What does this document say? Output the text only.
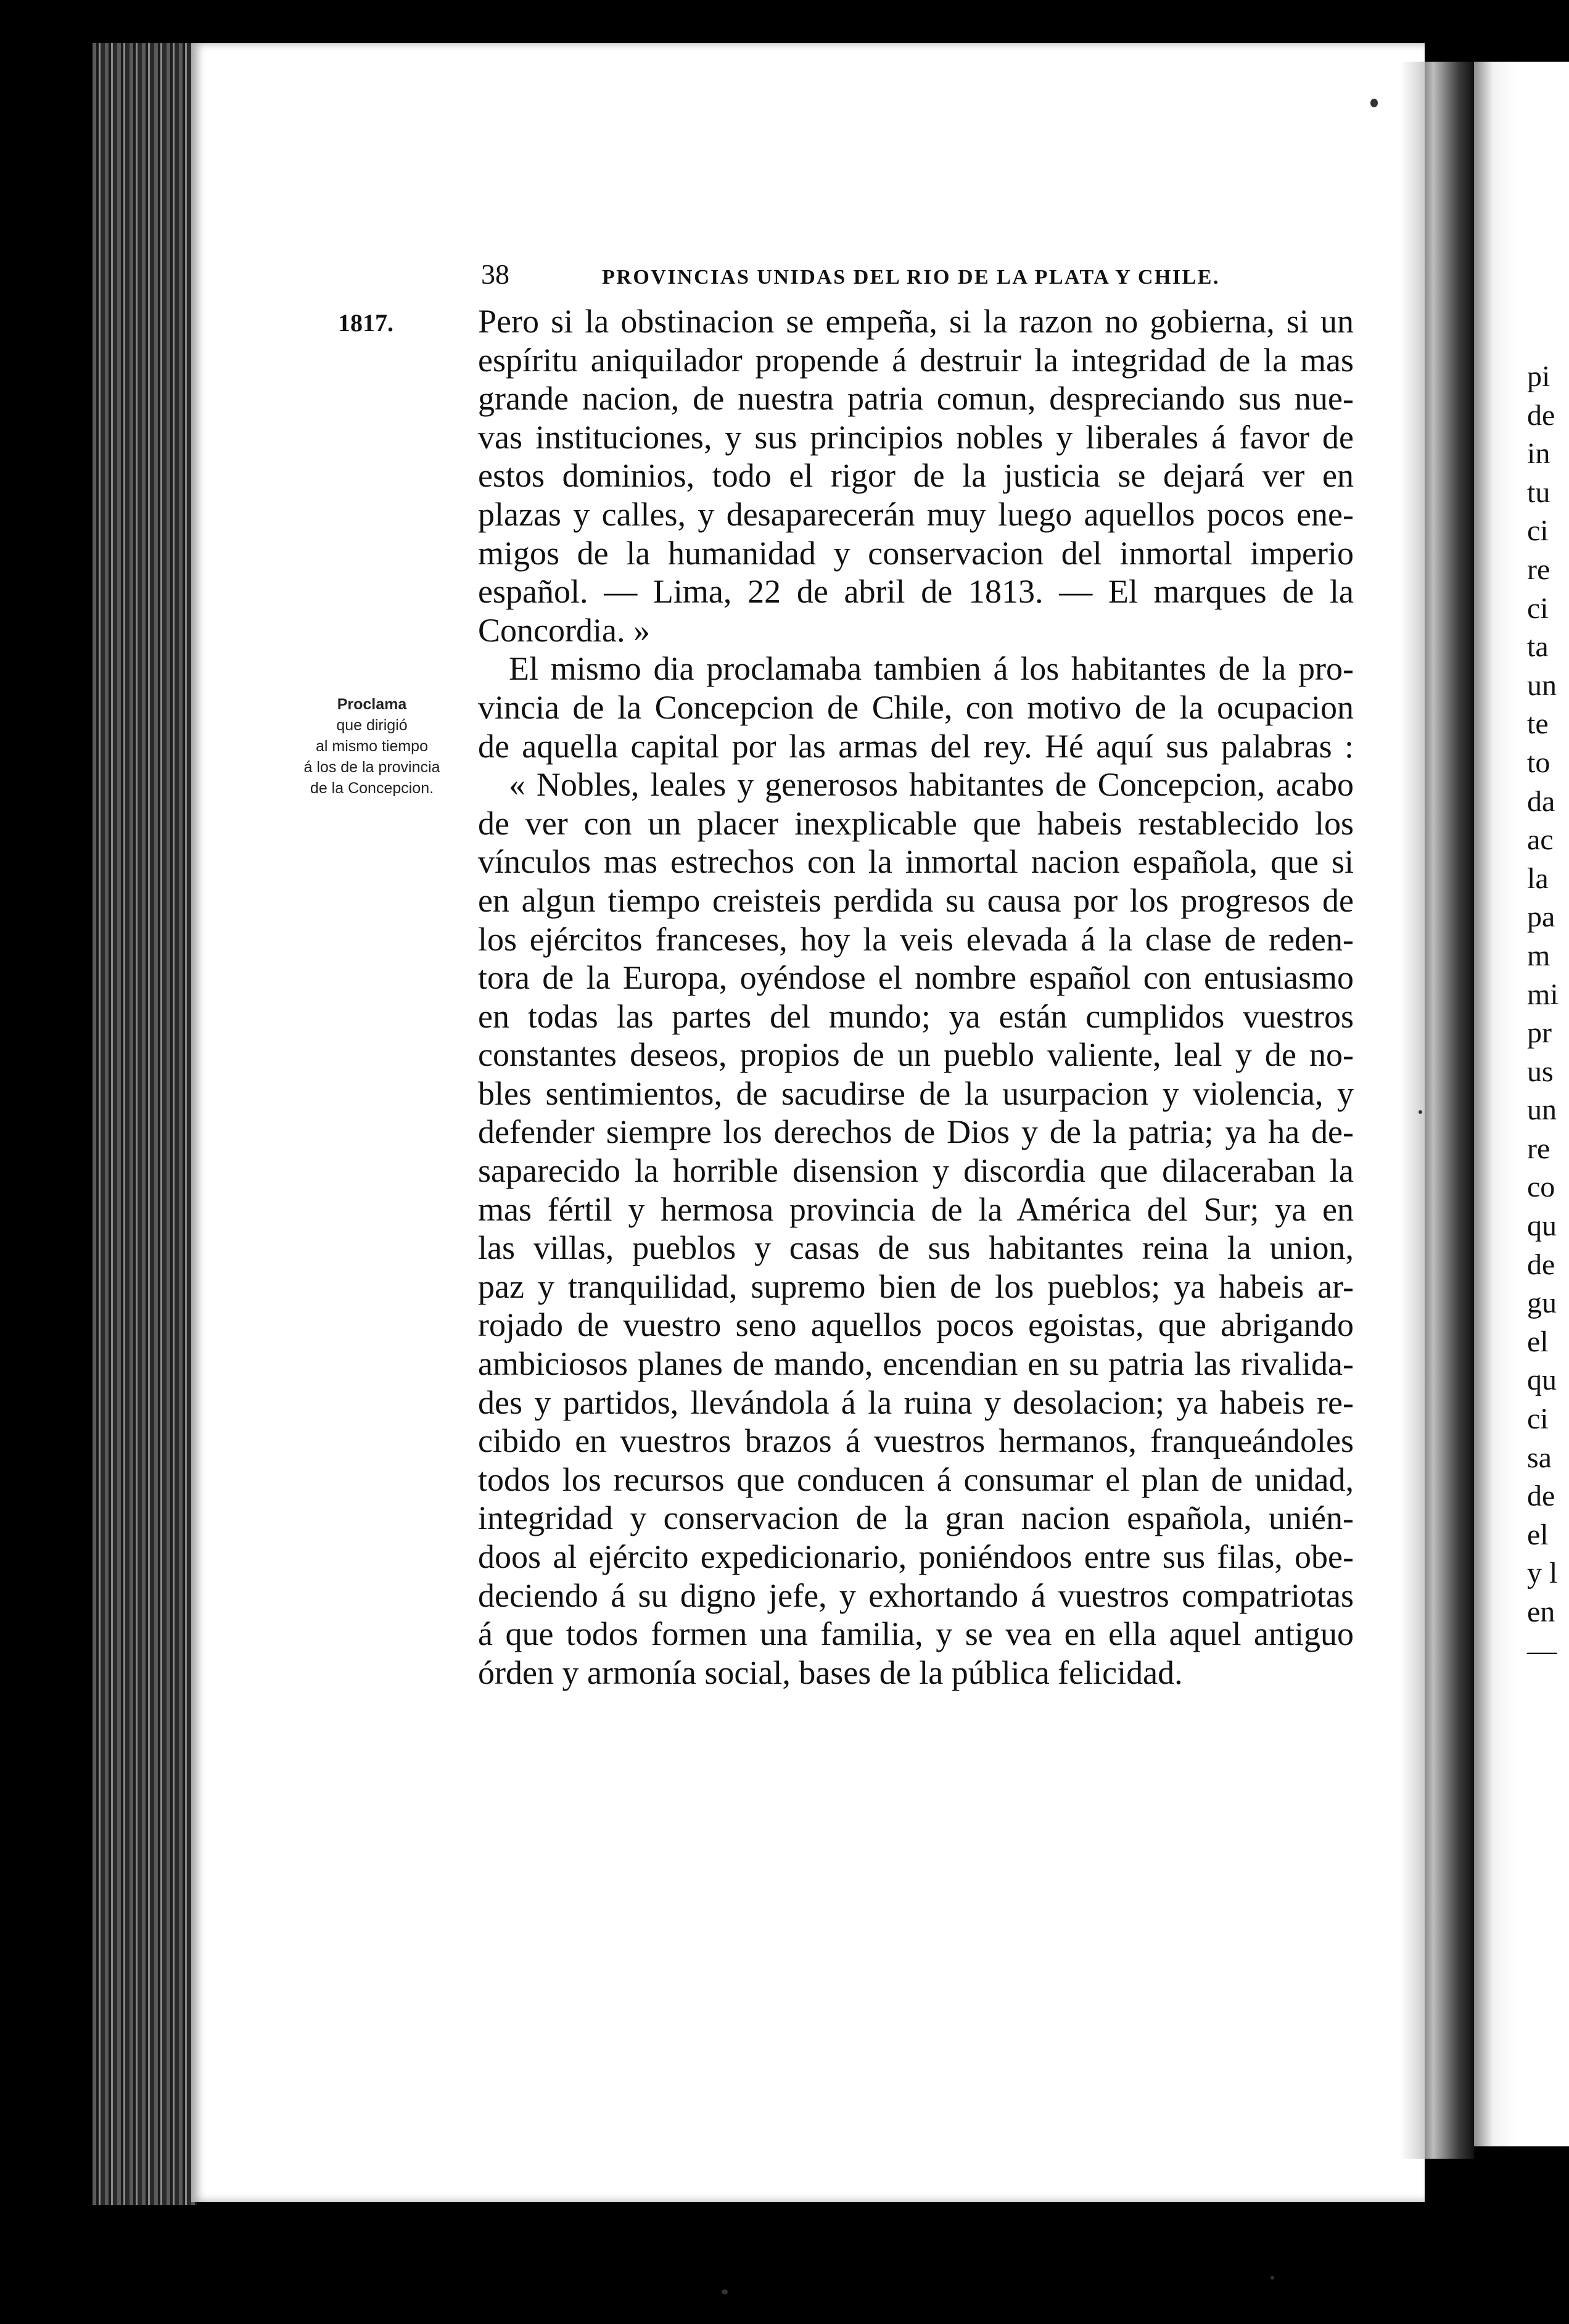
pi
de
in
tu
ci
re
ci
ta
un
te
to
da
ac
la
pa
m
mi
pr
us
un
re
co
qu
de
gu
el
qu
ci
sa
de
el
y l
en
—
38	PROVINCIAS UNIDAS DEL RIO DE LA PLATA Y CHILE.
1817.
Proclama
que dirigió
al mismo tiempo
á los de la provincia
de la Concepcion.
Pero si la obstinacion se empeña, si la razon no gobierna, si un
espíritu aniquilador propende á destruir la integridad de la mas
grande nacion, de nuestra patria comun, despreciando sus nue-
vas instituciones, y sus principios nobles y liberales á favor de
estos dominios, todo el rigor de la justicia se dejará ver en
plazas y calles, y desaparecerán muy luego aquellos pocos ene-
migos de la humanidad y conservacion del inmortal imperio
español. — Lima, 22 de abril de 1813. — El marques de la
Concordia. »
El mismo dia proclamaba tambien á los habitantes de la pro-
vincia de la Concepcion de Chile, con motivo de la ocupacion
de aquella capital por las armas del rey. Hé aquí sus palabras :
« Nobles, leales y generosos habitantes de Concepcion, acabo
de ver con un placer inexplicable que habeis restablecido los
vínculos mas estrechos con la inmortal nacion española, que si
en algun tiempo creisteis perdida su causa por los progresos de
los ejércitos franceses, hoy la veis elevada á la clase de reden-
tora de la Europa, oyéndose el nombre español con entusiasmo
en todas las partes del mundo; ya están cumplidos vuestros
constantes deseos, propios de un pueblo valiente, leal y de no-
bles sentimientos, de sacudirse de la usurpacion y violencia, y
defender siempre los derechos de Dios y de la patria; ya ha de-
saparecido la horrible disension y discordia que dilaceraban la
mas fértil y hermosa provincia de la América del Sur; ya en
las villas, pueblos y casas de sus habitantes reina la union,
paz y tranquilidad, supremo bien de los pueblos; ya habeis ar-
rojado de vuestro seno aquellos pocos egoistas, que abrigando
ambiciosos planes de mando, encendian en su patria las rivalida-
des y partidos, llevándola á la ruina y desolacion; ya habeis re-
cibido en vuestros brazos á vuestros hermanos, franqueándoles
todos los recursos que conducen á consumar el plan de unidad,
integridad y conservacion de la gran nacion española, unién-
doos al ejército expedicionario, poniéndoos entre sus filas, obe-
deciendo á su digno jefe, y exhortando á vuestros compatriotas
á que todos formen una familia, y se vea en ella aquel antiguo
órden y armonía social, bases de la pública felicidad.
